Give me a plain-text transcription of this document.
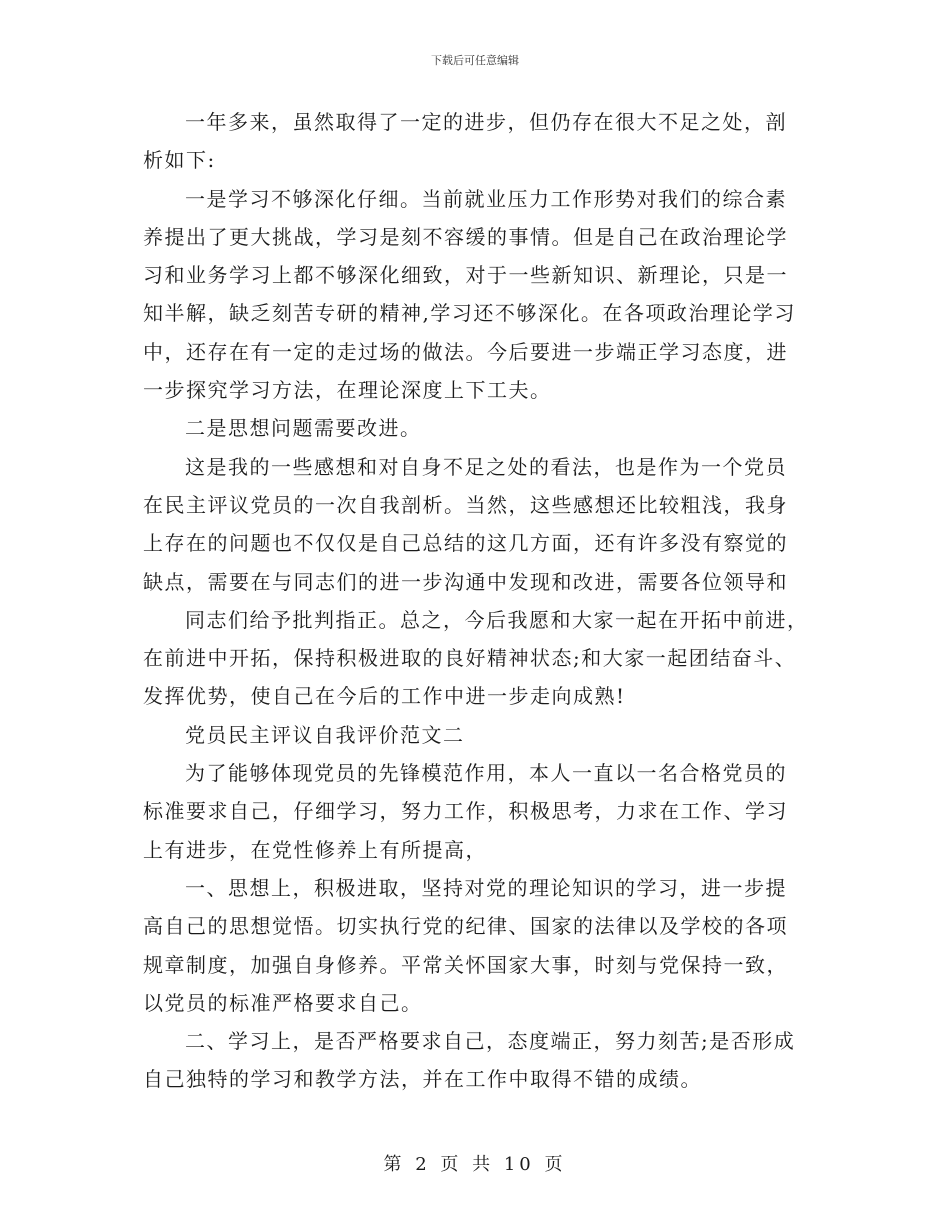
下载后可任意编辑
一年多来，虽然取得了一定的进步，但仍存在很大不足之处，剖
析如下:
一是学习不够深化仔细。当前就业压力工作形势对我们的综合素
养提出了更大挑战，学习是刻不容缓的事情。但是自己在政治理论学
习和业务学习上都不够深化细致，对于一些新知识、新理论，只是一
知半解，缺乏刻苦专研的精神,学习还不够深化。在各项政治理论学习
中，还存在有一定的走过场的做法。今后要进一步端正学习态度，进
一步探究学习方法，在理论深度上下工夫。
二是思想问题需要改进。
这是我的一些感想和对自身不足之处的看法，也是作为一个党员
在民主评议党员的一次自我剖析。当然，这些感想还比较粗浅，我身
上存在的问题也不仅仅是自己总结的这几方面，还有许多没有察觉的
缺点，需要在与同志们的进一步沟通中发现和改进，需要各位领导和
同志们给予批判指正。总之，今后我愿和大家一起在开拓中前进，
在前进中开拓，保持积极进取的良好精神状态;和大家一起团结奋斗、
发挥优势，使自己在今后的工作中进一步走向成熟!
党员民主评议自我评价范文二
为了能够体现党员的先锋模范作用，本人一直以一名合格党员的
标准要求自己，仔细学习，努力工作，积极思考，力求在工作、学习
上有进步，在党性修养上有所提高，
一、思想上，积极进取，坚持对党的理论知识的学习，进一步提
高自己的思想觉悟。切实执行党的纪律、国家的法律以及学校的各项
规章制度，加强自身修养。平常关怀国家大事，时刻与党保持一致，
以党员的标准严格要求自己。
二、学习上，是否严格要求自己，态度端正，努力刻苦;是否形成
自己独特的学习和教学方法，并在工作中取得不错的成绩。
第 2 页 共 10 页
